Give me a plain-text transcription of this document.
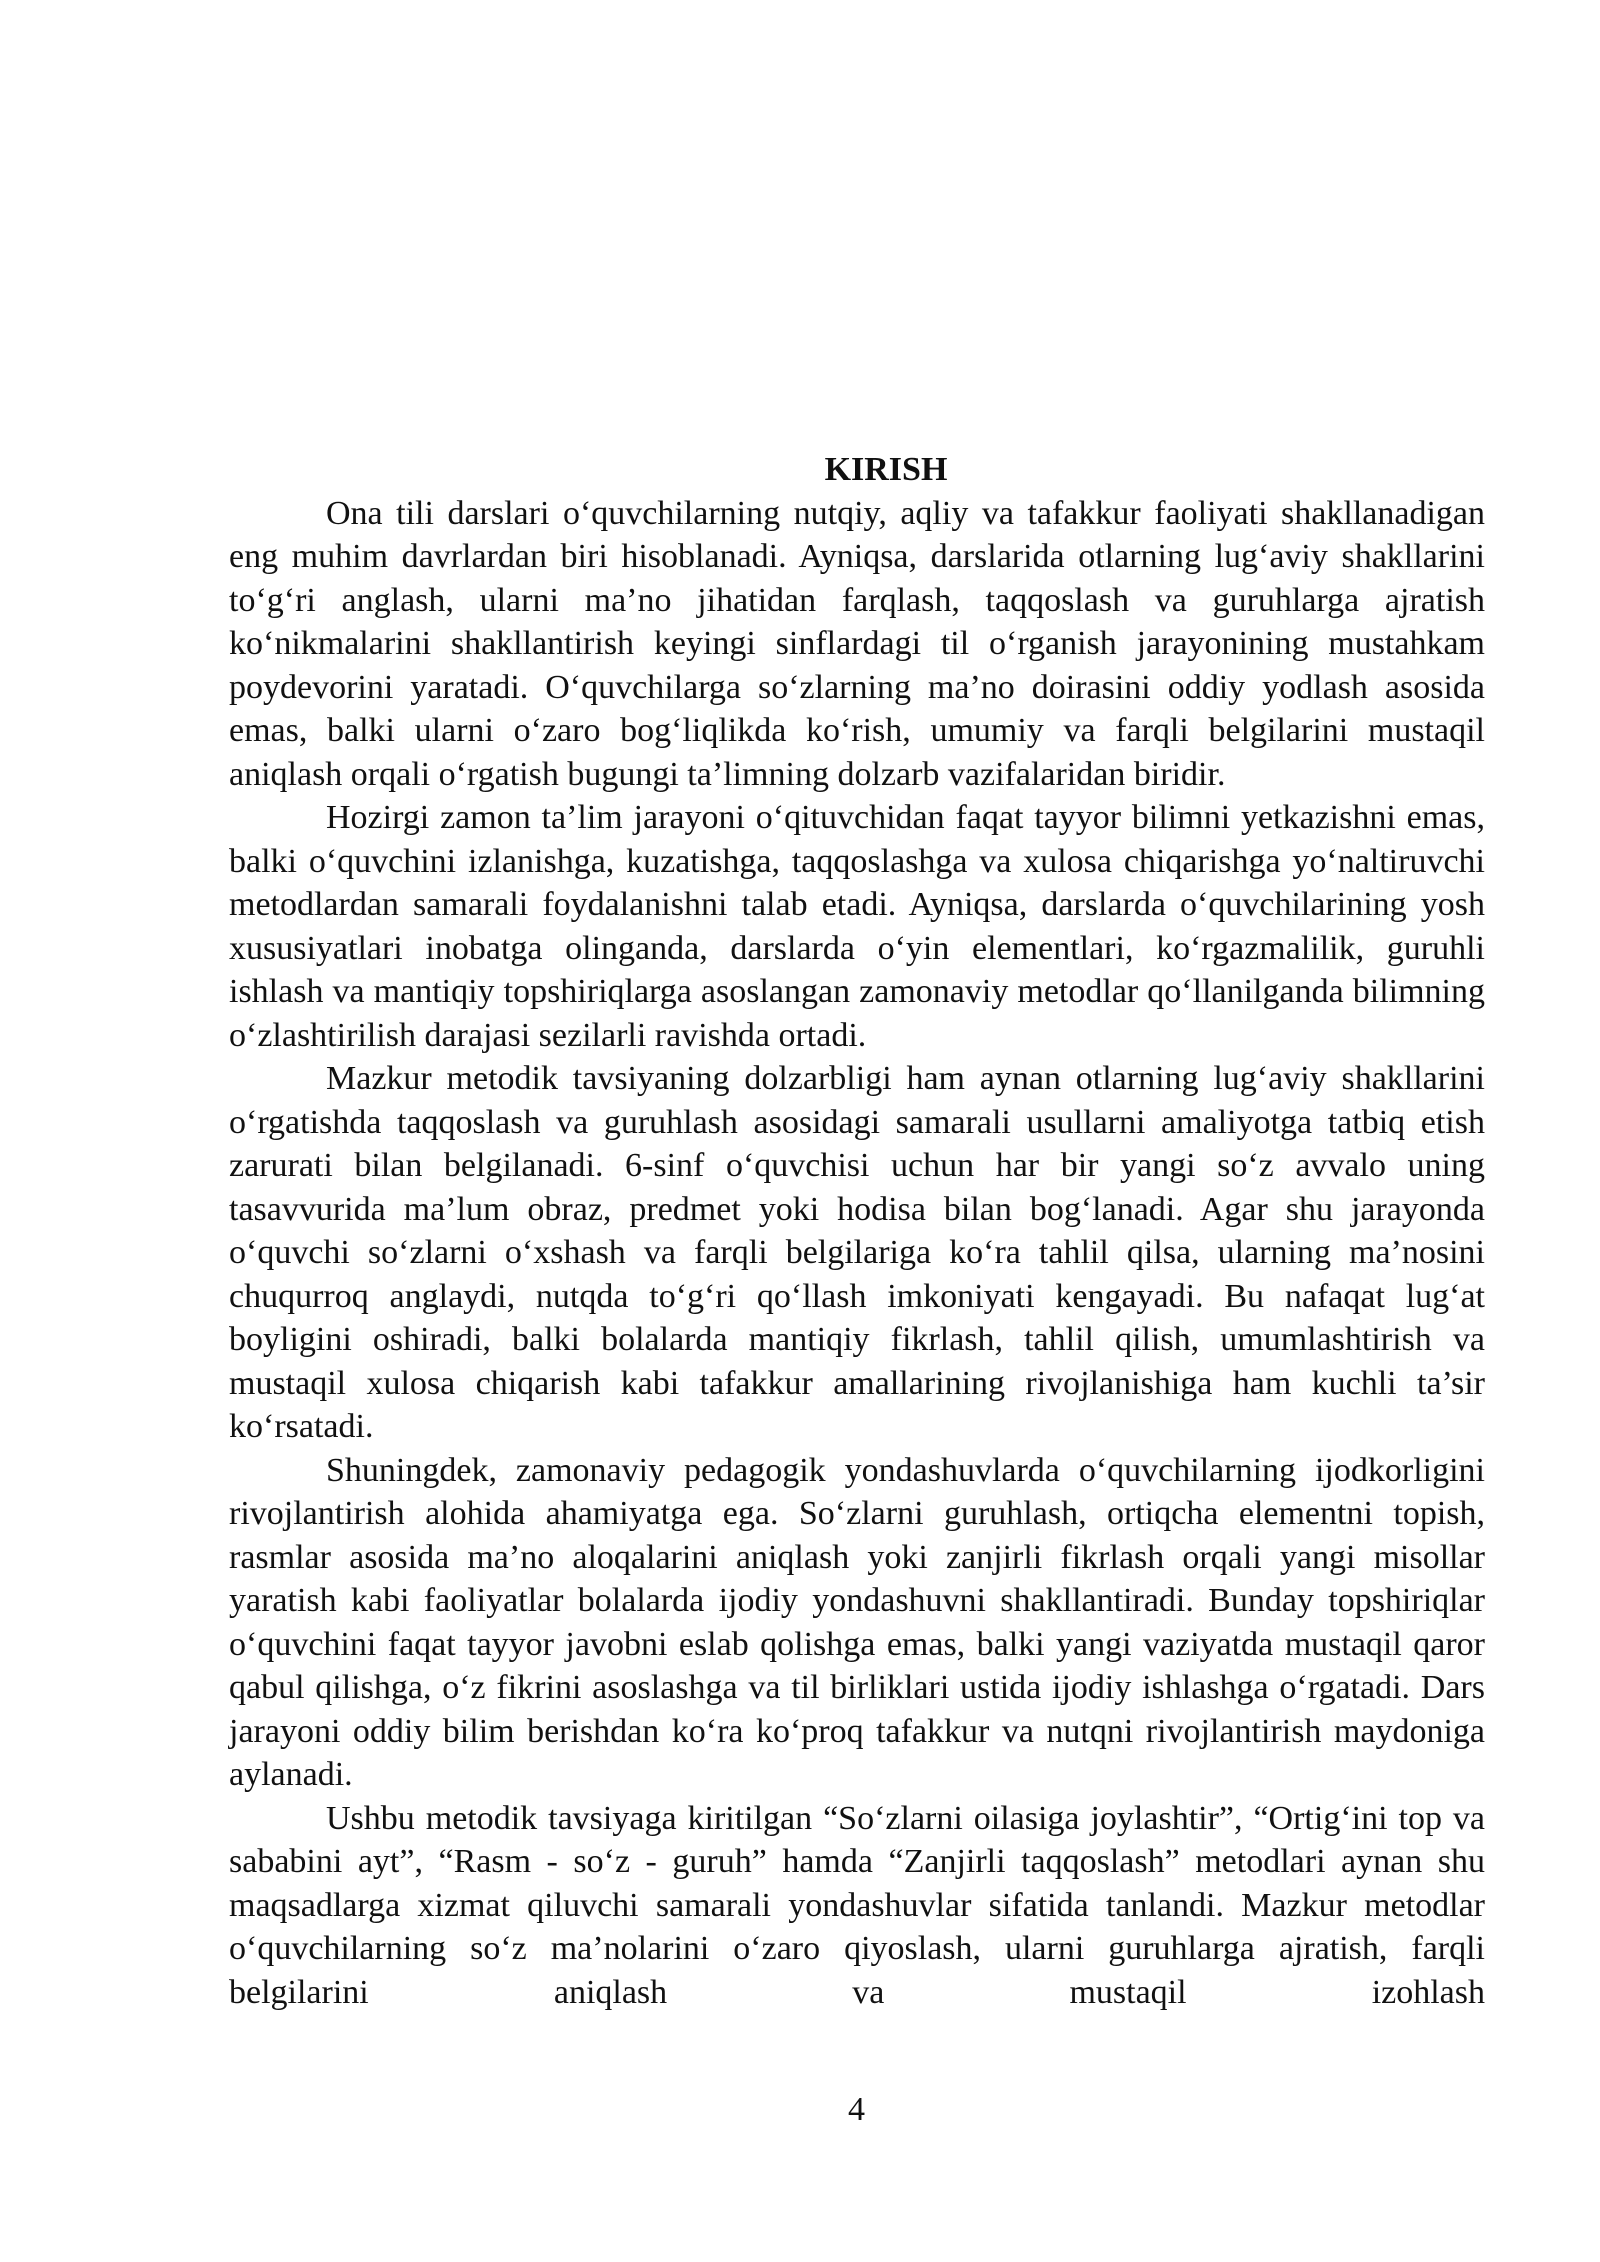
KIRISH

Ona tili darslari o‘quvchilarning nutqiy, aqliy va tafakkur faoliyati shakllanadigan eng muhim davrlardan biri hisoblanadi. Ayniqsa, darslarida otlarning lug‘aviy shakllarini to‘g‘ri anglash, ularni ma’no jihatidan farqlash, taqqoslash va guruhlarga ajratish ko‘nikmalarini shakllantirish keyingi sinflardagi til o‘rganish jarayonining mustahkam poydevorini yaratadi. O‘quvchilarga so‘zlarning ma’no doirasini oddiy yodlash asosida emas, balki ularni o‘zaro bog‘liqlikda ko‘rish, umumiy va farqli belgilarini mustaqil aniqlash orqali o‘rgatish bugungi ta’limning dolzarb vazifalaridan biridir.

Hozirgi zamon ta’lim jarayoni o‘qituvchidan faqat tayyor bilimni yetkazishni emas, balki o‘quvchini izlanishga, kuzatishga, taqqoslashga va xulosa chiqarishga yo‘naltiruvchi metodlardan samarali foydalanishni talab etadi. Ayniqsa, darslarda o‘quvchilarining yosh xususiyatlari inobatga olinganda, darslarda o‘yin elementlari, ko‘rgazmalilik, guruhli ishlash va mantiqiy topshiriqlarga asoslangan zamonaviy metodlar qo‘llanilganda bilimning o‘zlashtirilish darajasi sezilarli ravishda ortadi.

Mazkur metodik tavsiyaning dolzarbligi ham aynan otlarning lug‘aviy shakllarini o‘rgatishda taqqoslash va guruhlash asosidagi samarali usullarni amaliyotga tatbiq etish zarurati bilan belgilanadi. 6-sinf o‘quvchisi uchun har bir yangi so‘z avvalo uning tasavvurida ma’lum obraz, predmet yoki hodisa bilan bog‘lanadi. Agar shu jarayonda o‘quvchi so‘zlarni o‘xshash va farqli belgilariga ko‘ra tahlil qilsa, ularning ma’nosini chuqurroq anglaydi, nutqda to‘g‘ri qo‘llash imkoniyati kengayadi. Bu nafaqat lug‘at boyligini oshiradi, balki bolalarda mantiqiy fikrlash, tahlil qilish, umumlashtirish va mustaqil xulosa chiqarish kabi tafakkur amallarining rivojlanishiga ham kuchli ta’sir ko‘rsatadi.

Shuningdek, zamonaviy pedagogik yondashuvlarda o‘quvchilarning ijodkorligini rivojlantirish alohida ahamiyatga ega. So‘zlarni guruhlash, ortiqcha elementni topish, rasmlar asosida ma’no aloqalarini aniqlash yoki zanjirli fikrlash orqali yangi misollar yaratish kabi faoliyatlar bolalarda ijodiy yondashuvni shakllantiradi. Bunday topshiriqlar o‘quvchini faqat tayyor javobni eslab qolishga emas, balki yangi vaziyatda mustaqil qaror qabul qilishga, o‘z fikrini asoslashga va til birliklari ustida ijodiy ishlashga o‘rgatadi. Dars jarayoni oddiy bilim berishdan ko‘ra ko‘proq tafakkur va nutqni rivojlantirish maydoniga aylanadi.

Ushbu metodik tavsiyaga kiritilgan “So‘zlarni oilasiga joylashtir”, “Ortig‘ini top va sababini ayt”, “Rasm - so‘z - guruh” hamda “Zanjirli taqqoslash” metodlari aynan shu maqsadlarga xizmat qiluvchi samarali yondashuvlar sifatida tanlandi. Mazkur metodlar o‘quvchilarning so‘z ma’nolarini o‘zaro qiyoslash, ularni guruhlarga ajratish, farqli belgilarini aniqlash va mustaqil izohlash

4
